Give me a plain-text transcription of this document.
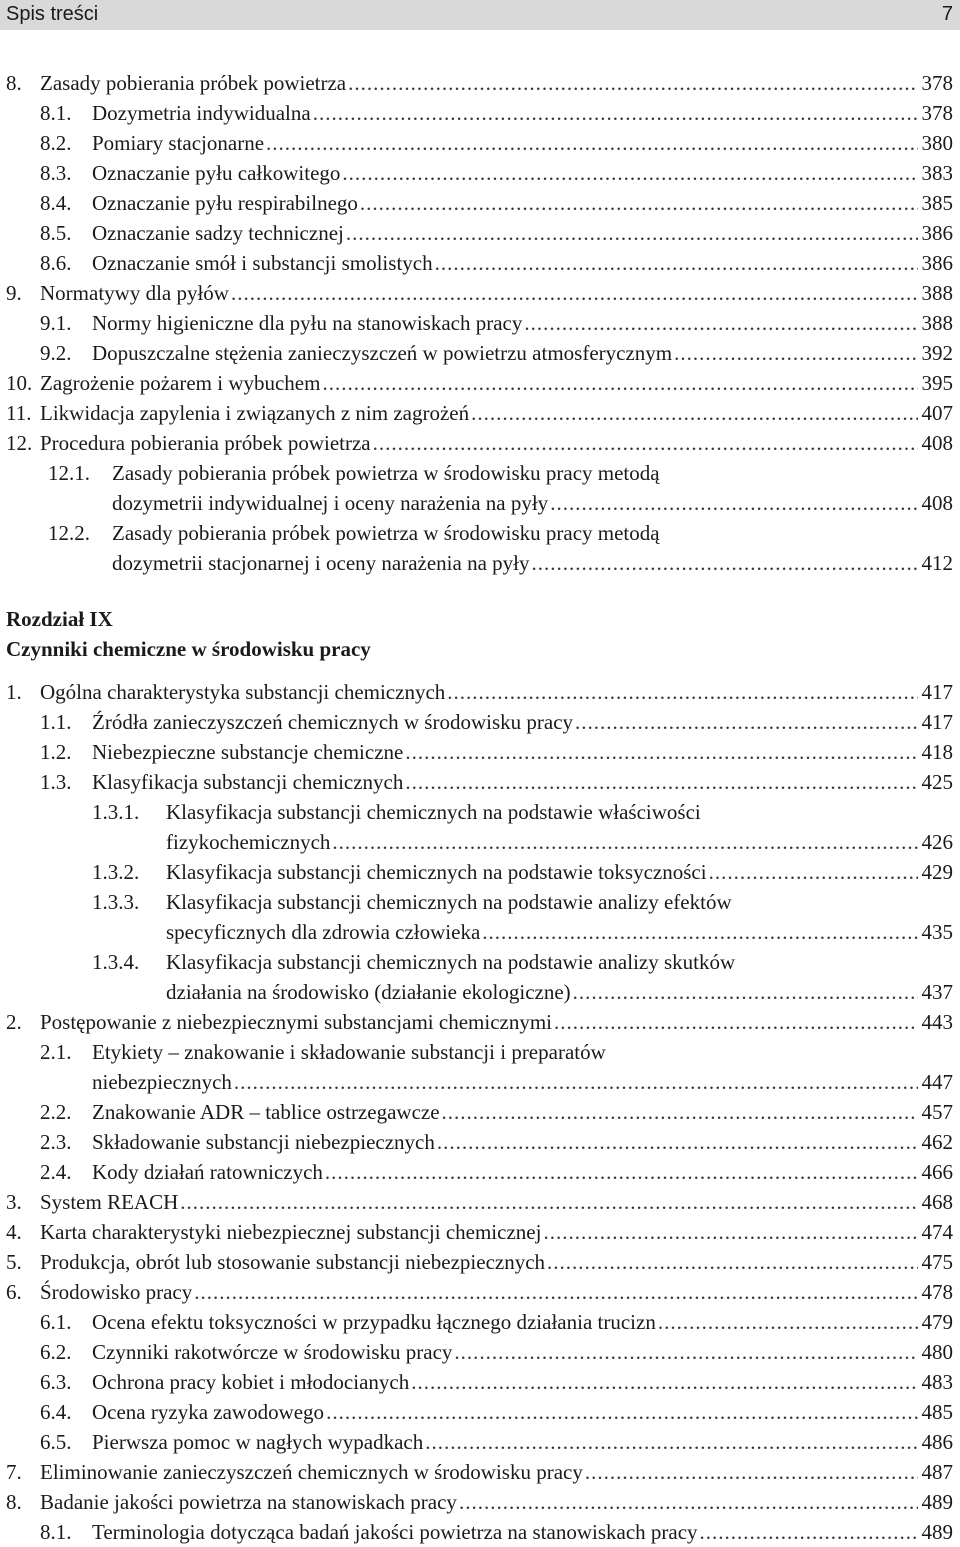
Spis treści	7
Rozdział IX
Czynniki chemiczne w środowisku pracy
8. Zasady pobierania próbek powietrza .....	378
8.1. Dozymetria indywidualna .....	378
8.2. Pomiary stacjonarne .....	380
8.3. Oznaczanie pyłu całkowitego .....	383
8.4. Oznaczanie pyłu respirabilnego .....	385
8.5. Oznaczanie sadzy technicznej .....	386
8.6. Oznaczanie smół i substancji smolistych .....	386
9. Normatywy dla pyłów .....	388
9.1. Normy higieniczne dla pyłu na stanowiskach pracy .....	388
9.2. Dopuszczalne stężenia zanieczyszczeń w powietrzu atmosferycznym .....	392
10. Zagrożenie pożarem i wybuchem .....	395
11. Likwidacja zapylenia i związanych z nim zagrożeń .....	407
12. Procedura pobierania próbek powietrza .....	408
12.1. Zasady pobierania próbek powietrza w środowisku pracy metodą
dozymetrii indywidualnej i oceny narażenia na pyły .....	408
12.2. Zasady pobierania próbek powietrza w środowisku pracy metodą
dozymetrii stacjonarnej i oceny narażenia na pyły .....	412
1. Ogólna charakterystyka substancji chemicznych .....	417
1.1. Źródła zanieczyszczeń chemicznych w środowisku pracy .....	417
1.2. Niebezpieczne substancje chemiczne .....	418
1.3. Klasyfikacja substancji chemicznych .....	425
1.3.1. Klasyfikacja substancji chemicznych na podstawie właściwości
fizykochemicznych .....	426
1.3.2. Klasyfikacja substancji chemicznych na podstawie toksyczności .....	429
1.3.3. Klasyfikacja substancji chemicznych na podstawie analizy efektów
specyficznych dla zdrowia człowieka .....	435
1.3.4. Klasyfikacja substancji chemicznych na podstawie analizy skutków
działania na środowisko (działanie ekologiczne) .....	437
2. Postępowanie z niebezpiecznymi substancjami chemicznymi .....	443
2.1. Etykiety – znakowanie i składowanie substancji i preparatów
niebezpiecznych .....	447
2.2. Znakowanie ADR – tablice ostrzegawcze .....	457
2.3. Składowanie substancji niebezpiecznych .....	462
2.4. Kody działań ratowniczych .....	466
3. System REACH .....	468
4. Karta charakterystyki niebezpiecznej substancji chemicznej .....	474
5. Produkcja, obrót lub stosowanie substancji niebezpiecznych .....	475
6. Środowisko pracy .....	478
6.1. Ocena efektu toksyczności w przypadku łącznego działania trucizn .....	479
6.2. Czynniki rakotwórcze w środowisku pracy .....	480
6.3. Ochrona pracy kobiet i młodocianych .....	483
6.4. Ocena ryzyka zawodowego .....	485
6.5. Pierwsza pomoc w nagłych wypadkach .....	486
7. Eliminowanie zanieczyszczeń chemicznych w środowisku pracy .....	487
8. Badanie jakości powietrza na stanowiskach pracy .....	489
8.1. Terminologia dotycząca badań jakości powietrza na stanowiskach pracy .....	489
